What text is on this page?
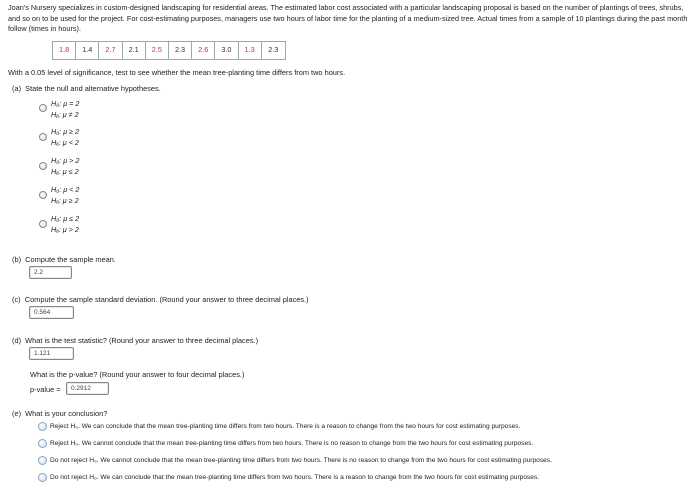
Joan's Nursery specializes in custom-designed landscaping for residential areas. The estimated labor cost associated with a particular landscaping proposal is based on the number of plantings of trees, shrubs, and so on to be used for the project. For cost-estimating purposes, managers use two hours of labor time for the planting of a medium-sized tree. Actual times from a sample of 10 plantings during the past month follow (times in hours).
1.8	1.4	2.7	2.1	2.5	2.3	2.6	3.0	1.3	2.3
With a 0.05 level of significance, test to see whether the mean tree-planting time differs from two hours.
(a) State the null and alternative hypotheses.
H₀: μ = 2
Hₐ: μ ≠ 2
H₀: μ ≥ 2
Hₐ: μ < 2
H₀: μ > 2
Hₐ: μ ≤ 2
H₀: μ < 2
Hₐ: μ ≥ 2
H₀: μ ≤ 2
Hₐ: μ > 2
(b) Compute the sample mean.
2.2
(c) Compute the sample standard deviation. (Round your answer to three decimal places.)
0.564
(d) What is the test statistic? (Round your answer to three decimal places.)
1.121
What is the p-value? (Round your answer to four decimal places.)
p-value =	0.2912
(e) What is your conclusion?
Reject H₀. We can conclude that the mean tree-planting time differs from two hours. There is a reason to change from the two hours for cost estimating purposes.
Reject H₀. We cannot conclude that the mean tree-planting time differs from two hours. There is no reason to change from the two hours for cost estimating purposes.
Do not reject H₀. We cannot conclude that the mean tree-planting time differs from two hours. There is no reason to change from the two hours for cost estimating purposes.
Do not reject H₀. We can conclude that the mean tree-planting time differs from two hours. There is a reason to change from the two hours for cost estimating purposes.
